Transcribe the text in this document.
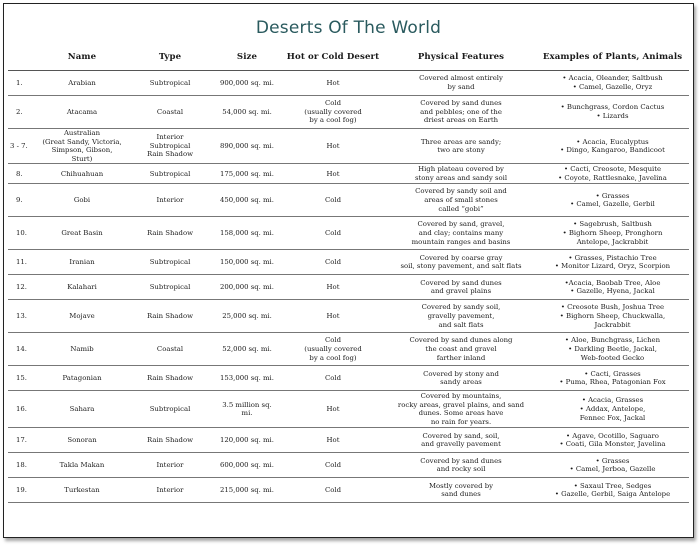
Deserts Of The World
	Name	Type	Size	Hot or Cold Desert	Physical Features	Examples of Plants, Animals
1.	Arabian	Subtropical	900,000 sq. mi.	Hot	Covered almost entirely
by sand	• Acacia, Oleander, Saltbush
• Camel, Gazelle, Oryz
2.	Atacama	Coastal	54,000 sq. mi.	Cold
(usually covered
by a cool fog)	Covered by sand dunes
and pebbles; one of the
driest areas on Earth	• Bunchgrass, Cordon Cactus
• Lizards
3 - 7.	Australian
(Great Sandy, Victoria,
Simpson, Gibson, Sturt)	Interior
Subtropical
Rain Shadow	890,000 sq. mi.	Hot	Three areas are sandy;
two are stony	• Acacia, Eucalyptus
• Dingo, Kangaroo, Bandicoot
8.	Chihuahuan	Subtropical	175,000 sq. mi.	Hot	High plateau covered by
stony areas and sandy soil	• Cacti, Creosote, Mesquite
• Coyote, Rattlesnake, Javelina
9.	Gobi	Interior	450,000 sq. mi.	Cold	Covered by sandy soil and
areas of small stones
called “gobi”	• Grasses
• Camel, Gazelle, Gerbil
10.	Great Basin	Rain Shadow	158,000 sq. mi.	Cold	Covered by sand, gravel,
and clay; contains many
mountain ranges and basins	• Sagebrush, Saltbush
• Bighorn Sheep, Pronghorn
Antelope, Jackrabbit
11.	Iranian	Subtropical	150,000 sq. mi.	Cold	Covered by coarse gray
soil, stony pavement, and salt flats	• Grasses, Pistachio Tree
• Monitor Lizard, Oryz, Scorpion
12.	Kalahari	Subtropical	200,000 sq. mi.	Hot	Covered by sand dunes
and gravel plains	•Acacia, Baobab Tree, Aloe
• Gazelle, Hyena, Jackal
13.	Mojave	Rain Shadow	25,000 sq. mi.	Hot	Covered by sandy soil,
gravelly pavement,
and salt flats	• Creosote Bush, Joshua Tree
• Bighorn Sheep, Chuckwalla,
Jackrabbit
14.	Namib	Coastal	52,000 sq. mi.	Cold
(usually covered
by a cool fog)	Covered by sand dunes along
the coast and gravel
farther inland	• Aloe, Bunchgrass, Lichen
• Darkling Beetle, Jackal,
Web-footed Gecko
15.	Patagonian	Rain Shadow	153,000 sq. mi.	Cold	Covered by stony and
sandy areas	• Cacti, Grasses
• Puma, Rhea, Patagonian Fox
16.	Sahara	Subtropical	3.5 million sq. mi.	Hot	Covered by mountains,
rocky areas, gravel plains, and sand
dunes. Some areas have
no rain for years.	• Acacia, Grasses
• Addax, Antelope,
Fennec Fox, Jackal
17.	Sonoran	Rain Shadow	120,000 sq. mi.	Hot	Covered by sand, soil,
and gravelly pavement	• Agave, Ocotillo, Saguaro
• Coati, Gila Monster, Javelina
18.	Takla Makan	Interior	600,000 sq. mi.	Cold	Covered by sand dunes
and rocky soil	• Grasses
• Camel, Jerboa, Gazelle
19.	Turkestan	Interior	215,000 sq. mi.	Cold	Mostly covered by
sand dunes	• Saxaul Tree, Sedges
• Gazelle, Gerbil, Saiga Antelope
